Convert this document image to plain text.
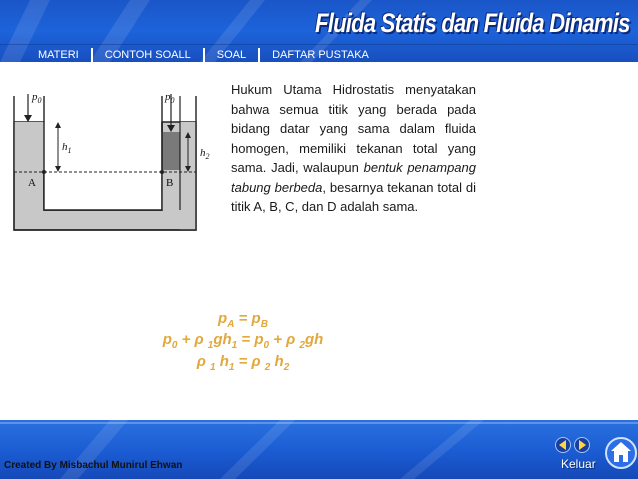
Fluida Statis dan Fluida Dinamis
MATERI	CONTOH SOALL	SOAL	DAFTAR PUSTAKA
$p_0$	$p_0$
$h_1$	$h_2$
A	B
Hukum Utama Hidrostatis menyatakan bahwa semua titik yang berada pada bidang datar yang sama dalam fluida homogen, memiliki tekanan total yang sama. Jadi, walaupun bentuk penampang tabung berbeda, besarnya tekanan total di titik A, B, C, dan D adalah sama.
$p_A = p_B$
$p_0 + \rho$ $_1gh_1 = p_0 + \rho$ $_2$gh
ρ $_1$ $h_1 = \rho$ $_2$ $h_2$
Created By Misbachul Munirul Ehwan	Keluar
